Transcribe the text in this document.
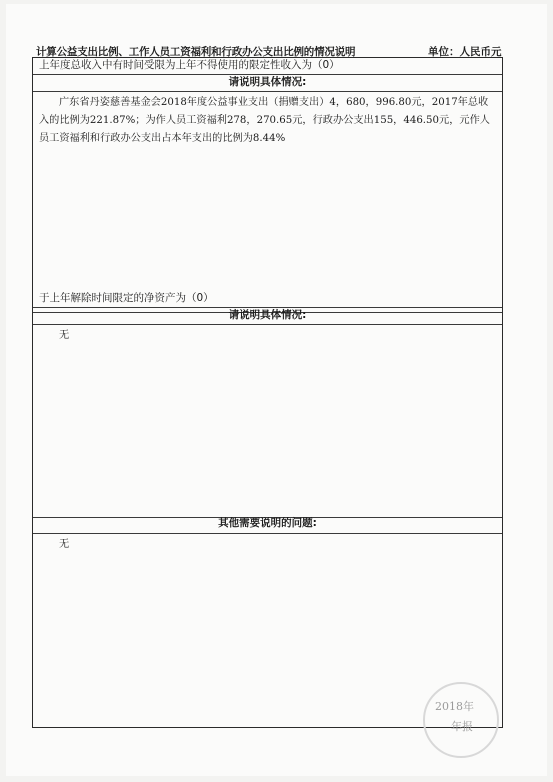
计算公益支出比例、工作人员工资福利和行政办公支出比例的情况说明	单位：人民币元
上年度总收入中有时间受限为上年不得使用的限定性收入为（0）
请说明具体情况:
广东省丹姿慈善基金会2018年度公益事业支出（捐赠支出）4，680，996.80元，2017年总收入的比例为221.87%；为作人员工资福利278，270.65元，行政办公支出155，446.50元，元作人员工资福利和行政办公支出占本年支出的比例为8.44%
于上年解除时间限定的净资产为（0）
请说明具体情况:
无
其他需要说明的问题:
无
2018年
年报
